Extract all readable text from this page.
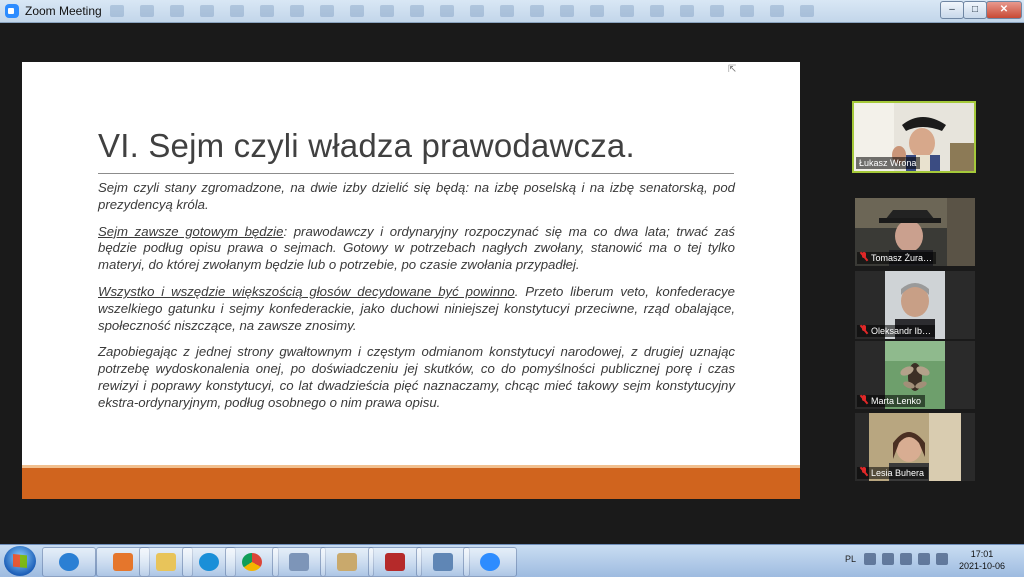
Zoom Meeting	–	□	✕
⇱
VI. Sejm czyli władza prawodawcza.

Sejm czyli stany zgromadzone, na dwie izby dzielić się będą: na izbę poselską i na izbę senatorską, pod prezydencyą króla.

Sejm zawsze gotowym będzie: prawodawczy i ordynaryjny rozpoczynać się ma co dwa lata; trwać zaś będzie podług opisu prawa o sejmach. Gotowy w potrzebach nagłych zwołany, stanowić ma o tej tylko materyi, do której zwołanym będzie lub o potrzebie, po czasie zwołania przypadłej.

Wszystko i wszędzie większością głosów decydowane być powinno. Przeto liberum veto, konfederacye wszelkiego gatunku i sejmy konfederackie, jako duchowi niniejszej konstytucyi przeciwne, rząd obalające, społeczność niszczące, na zawsze znosimy.

Zapobiegając z jednej strony gwałtownym i częstym odmianom konstytucyi narodowej, z drugiej uznając potrzebę wydoskonalenia onej, po doświadczeniu jej skutków, co do pomyślności publicznej porę i czas rewizyi i poprawy konstytucyi, co lat dwadzieścia pięć naznaczamy, chcąc mieć takowy sejm konstytucyjny ekstra-ordynaryjnym, podług osobnego o nim prawa opisu.

Łukasz Wrona
Tomasz Żura…
Oleksandr Ib…
Marta Lenko
Lesia Buhera
PL	17:01
2021-10-06
